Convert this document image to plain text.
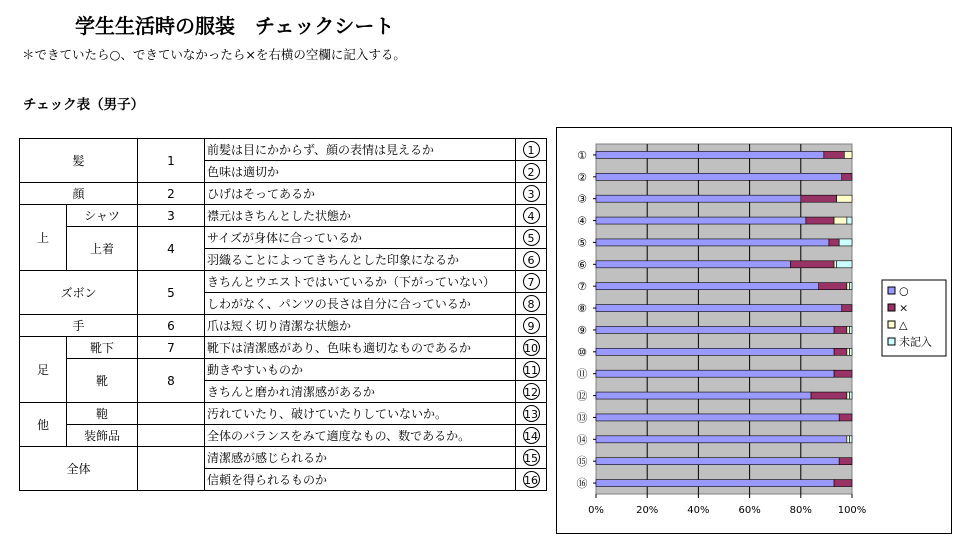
学生生活時の服装　チェックシート
＊できていたら○、できていなかったら×を右横の空欄に記入する。
チェック表（男子）
髪		1	前髪は目にかからず、顔の表情は見えるか	1
			色味は適切か	2
顔		2	ひげはそってあるか	3
上	シャツ	3	襟元はきちんとした状態か	4
	上着	4	サイズが身体に合っているか	5
			羽織ることによってきちんとした印象になるか	6
ズボン		5	きちんとウエストではいているか（下がっていない）	7
			しわがなく、パンツの長さは自分に合っているか	8
手		6	爪は短く切り清潔な状態か	9
足	靴下	7	靴下は清潔感があり、色味も適切なものであるか	10
	靴	8	動きやすいものか	11
			きちんと磨かれ清潔感があるか	12
他	鞄		汚れていたり、破けていたりしていないか。	13
	装飾品		全体のバランスをみて適度なもの、数であるか。	14
全体			清潔感が感じられるか	15
			信頼を得られるものか	16
0%	20%	40%	60%	80%	100%
①
②
③
④
⑤
⑥
⑦
⑧
⑨
⑩
⑪
⑫
⑬
⑭
⑮
⑯
○
×
△
未記入
